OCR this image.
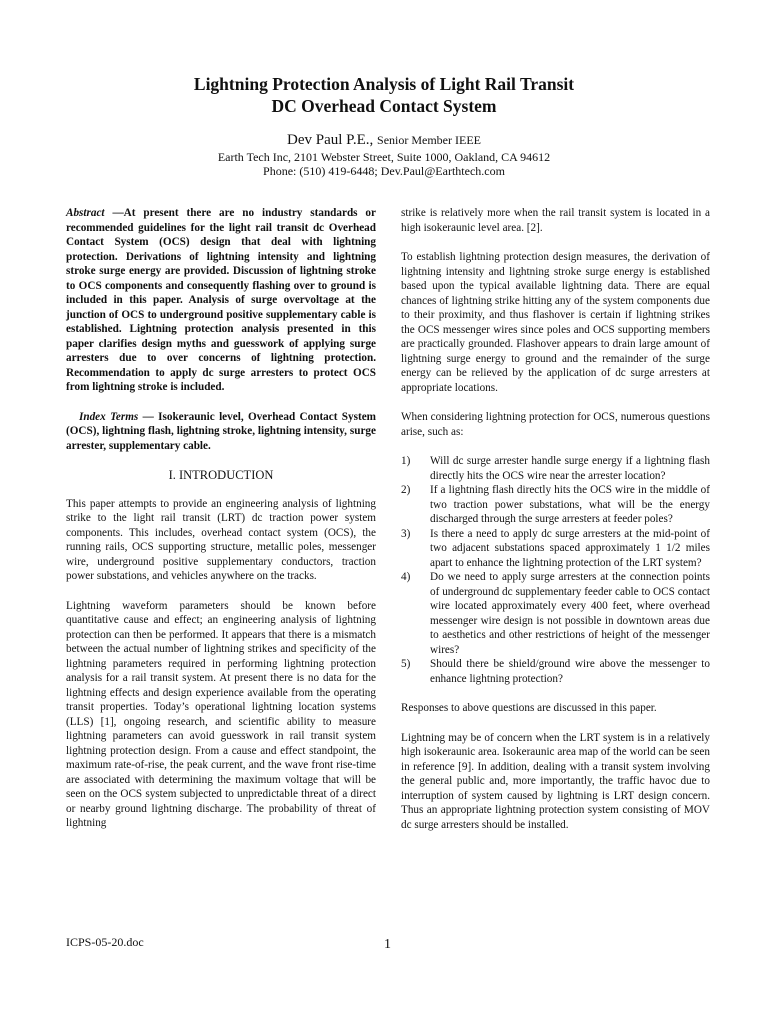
Lightning Protection Analysis of Light Rail Transit
DC Overhead Contact System
Dev Paul P.E., Senior Member IEEE
Earth Tech Inc, 2101 Webster Street, Suite 1000, Oakland, CA 94612
Phone: (510) 419-6448; Dev.Paul@Earthtech.com

Abstract —At present there are no industry standards or recommended guidelines for the light rail transit dc Overhead Contact System (OCS) design that deal with lightning protection. Derivations of lightning intensity and lightning stroke surge energy are provided. Discussion of lightning stroke to OCS components and consequently flashing over to ground is included in this paper. Analysis of surge overvoltage at the junction of OCS to underground positive supplementary cable is established. Lightning protection analysis presented in this paper clarifies design myths and guesswork of applying surge arresters due to over concerns of lightning protection. Recommendation to apply dc surge arresters to protect OCS from lightning stroke is included.

Index Terms — Isokeraunic level, Overhead Contact System (OCS), lightning flash, lightning stroke, lightning intensity, surge arrester, supplementary cable.

I. INTRODUCTION

This paper attempts to provide an engineering analysis of lightning strike to the light rail transit (LRT) dc traction power system components. This includes, overhead contact system (OCS), the running rails, OCS supporting structure, metallic poles, messenger wire, underground positive supplementary conductors, traction power substations, and vehicles anywhere on the tracks.

Lightning waveform parameters should be known before quantitative cause and effect; an engineering analysis of lightning protection can then be performed. It appears that there is a mismatch between the actual number of lightning strikes and specificity of the lightning parameters required in performing lightning protection analysis for a rail transit system. At present there is no data for the lightning effects and design experience available from the operating transit properties. Today’s operational lightning location systems (LLS) [1], ongoing research, and scientific ability to measure lightning parameters can avoid guesswork in rail transit system lightning protection design. From a cause and effect standpoint, the maximum rate-of-rise, the peak current, and the wave front rise-time are associated with determining the maximum voltage that will be seen on the OCS system subjected to unpredictable threat of a direct or nearby ground lightning discharge. The probability of threat of lightning

strike is relatively more when the rail transit system is located in a high isokeraunic level area. [2].

To establish lightning protection design measures, the derivation of lightning intensity and lightning stroke surge energy is established based upon the typical available lightning data. There are equal chances of lightning strike hitting any of the system components due to their proximity, and thus flashover is certain if lightning strikes the OCS messenger wires since poles and OCS supporting members are practically grounded. Flashover appears to drain large amount of lightning surge energy to ground and the remainder of the surge energy can be relieved by the application of dc surge arresters at appropriate locations.

When considering lightning protection for OCS, numerous questions arise, such as:

1) Will dc surge arrester handle surge energy if a lightning flash directly hits the OCS wire near the arrester location?
2) If a lightning flash directly hits the OCS wire in the middle of two traction power substations, what will be the energy discharged through the surge arresters at feeder poles?
3) Is there a need to apply dc surge arresters at the mid-point of two adjacent substations spaced approximately 1 1/2 miles apart to enhance the lightning protection of the LRT system?
4) Do we need to apply surge arresters at the connection points of underground dc supplementary feeder cable to OCS contact wire located approximately every 400 feet, where overhead messenger wire design is not possible in downtown areas due to aesthetics and other restrictions of height of the messenger wires?
5) Should there be shield/ground wire above the messenger to enhance lightning protection?

Responses to above questions are discussed in this paper.

Lightning may be of concern when the LRT system is in a relatively high isokeraunic area. Isokeraunic area map of the world can be seen in reference [9]. In addition, dealing with a transit system involving the general public and, more importantly, the traffic havoc due to interruption of system caused by lightning is LRT design concern. Thus an appropriate lightning protection system consisting of MOV dc surge arresters should be installed.

ICPS-05-20.doc	1
